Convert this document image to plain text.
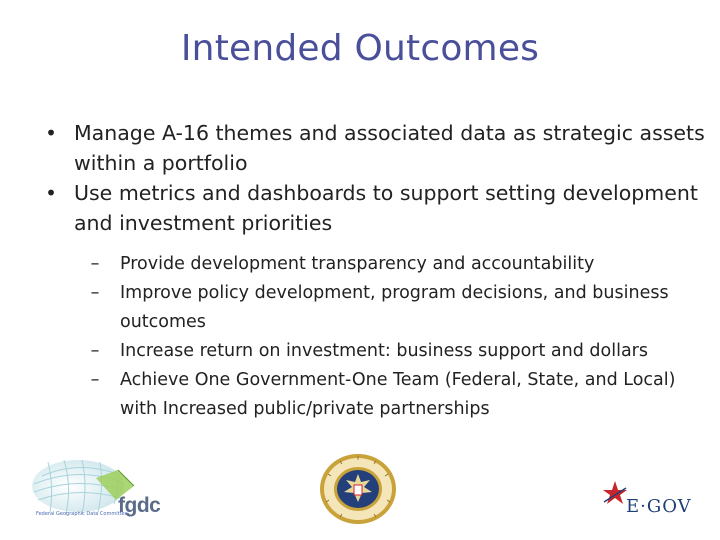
Intended Outcomes
• Manage A-16 themes and associated data as strategic assets within a portfolio
• Use metrics and dashboards to support setting development and investment priorities
–	Provide development transparency and accountability
–	Improve policy development, program decisions, and business outcomes
–	Increase return on investment: business support and dollars
–	Achieve One Government-One Team (Federal, State, and Local) with Increased public/private partnerships
fgdc
Federal Geographic Data Committee	E·GOV
